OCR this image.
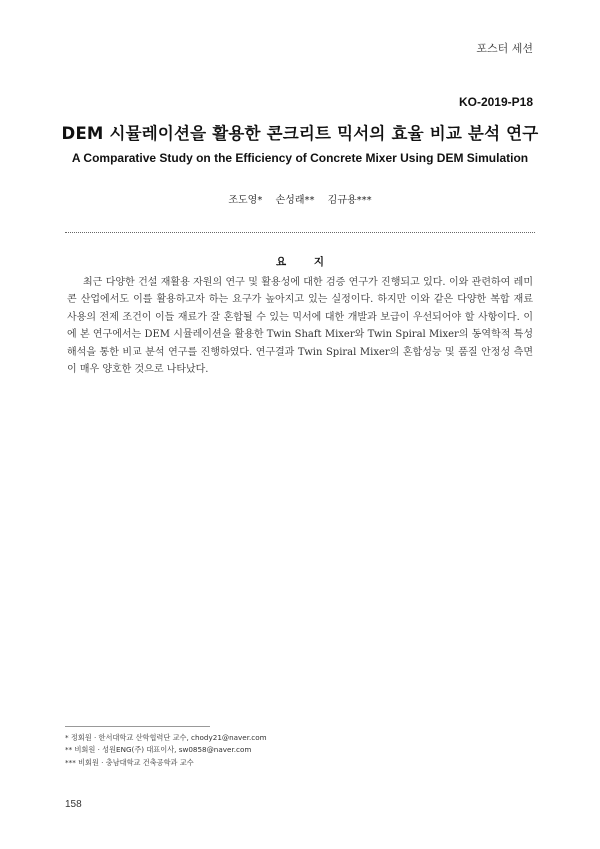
포스터 세션
KO-2019-P18
DEM 시뮬레이션을 활용한 콘크리트 믹서의 효율 비교 분석 연구
A Comparative Study on the Efficiency of Concrete Mixer Using DEM Simulation
조도영* 손성래** 김규용***
요 지

최근 다양한 건설 재활용 자원의 연구 및 활용성에 대한 검증 연구가 진행되고 있다. 이와 관련하여 레미콘 산업에서도 이를 활용하고자 하는 요구가 높아지고 있는 실정이다. 하지만 이와 같은 다양한 복합 재료 사용의 전제 조건이 이들 재료가 잘 혼합될 수 있는 믹서에 대한 개발과 보급이 우선되어야 할 사항이다. 이에 본 연구에서는 DEM 시뮬레이션을 활용한 Twin Shaft Mixer와 Twin Spiral Mixer의 동역학적 특성 해석을 통한 비교 분석 연구를 진행하였다. 연구결과 Twin Spiral Mixer의 혼합성능 및 품질 안정성 측면이 매우 양호한 것으로 나타났다.

* 정회원 · 한서대학교 산학협력단 교수, chody21@naver.com
** 비회원 · 성원ENG(주) 대표이사, sw0858@naver.com
*** 비회원 · 충남대학교 건축공학과 교수
158
